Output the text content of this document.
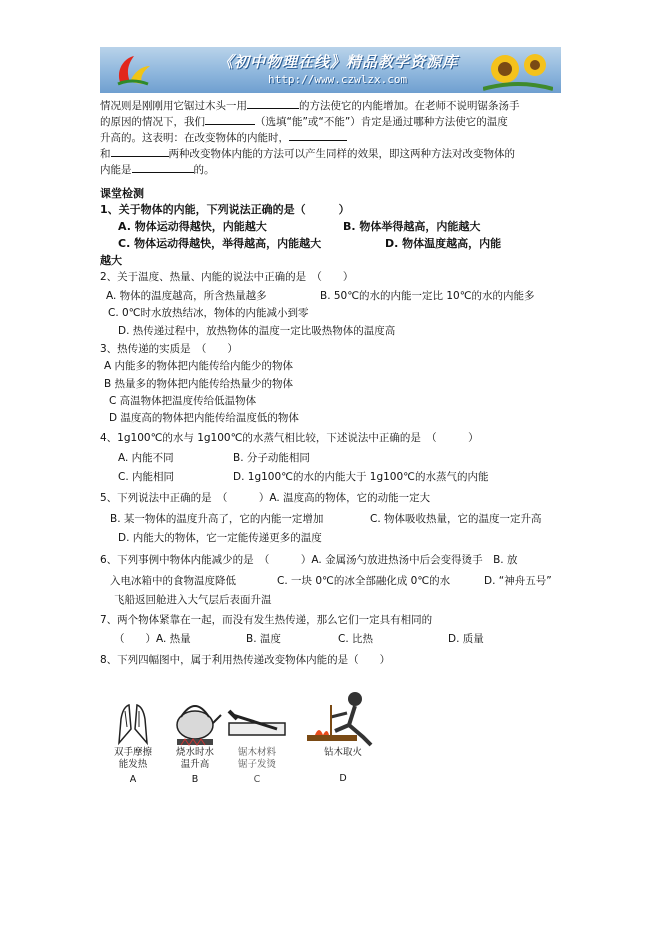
《初中物理在线》精品教学资源库
http://www.czwlzx.com
情况则是刚刚用它锯过木头一用	的方法使它的内能增加。在老师不说明锯条汤手
的原因的情况下，我们	（选填“能”或“不能”）肯定是通过哪种方法使它的温度
升高的。这表明：在改变物体的内能时，
和	两种改变物体内能的方法可以产生同样的效果，即这两种方法对改变物体的
内能是	的。
课堂检测
1、关于物体的内能，下列说法正确的是（　　　）
A. 物体运动得越快，内能越大	B. 物体举得越高，内能越大
C. 物体运动得越快，举得越高，内能越大	D. 物体温度越高，内能
越大
2、关于温度、热量、内能的说法中正确的是　（　　）
A. 物体的温度越高，所含热量越多	B. 50℃的水的内能一定比 10℃的水的内能多
C. 0℃时水放热结冰，物体的内能减小到零
D. 热传递过程中，放热物体的温度一定比吸热物体的温度高
3、热传递的实质是　（　　）
A 内能多的物体把内能传给内能少的物体
B 热量多的物体把内能传给热量少的物体
C 高温物体把温度传给低温物体
D 温度高的物体把内能传给温度低的物体
4、1g100℃的水与 1g100℃的水蒸气相比较，下述说法中正确的是　（　　　）
A. 内能不同	B. 分子动能相同
C. 内能相同	D. 1g100℃的水的内能大于 1g100℃的水蒸气的内能
5、下列说法中正确的是　（　　　）A. 温度高的物体，它的动能一定大
B. 某一物体的温度升高了，它的内能一定增加	C. 物体吸收热量，它的温度一定升高
D. 内能大的物体，它一定能传递更多的温度
6、下列事例中物体内能减少的是　（　　　）A. 金属汤勺放进热汤中后会变得烫手　B. 放
入电冰箱中的食物温度降低	C. 一块 0℃的冰全部融化成 0℃的水	D. “神舟五号”
飞船返回舱进入大气层后表面升温
7、两个物体紧靠在一起，而没有发生热传递，那么它们一定具有相同的
（　　）A. 热量	B. 温度	C. 比热	D. 质量
8、下列四幅图中，属于利用热传递改变物体内能的是（　　）
双手摩擦
能发热
A
烧水时水
温升高
B
锯木材料
锯子发烫
C
钻木取火
D
